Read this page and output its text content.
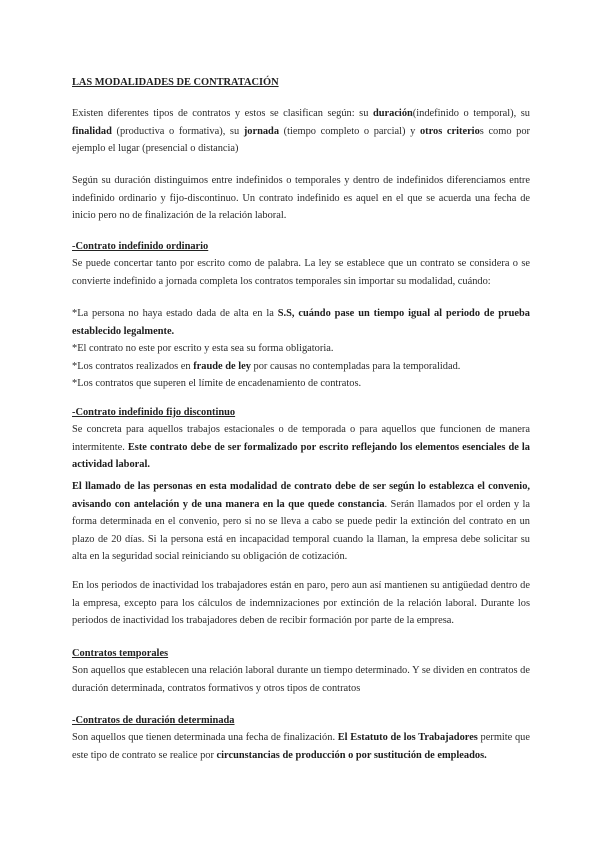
LAS MODALIDADES DE CONTRATACIÓN
Existen diferentes tipos de contratos y estos se clasifican según: su duración(indefinido o temporal), su finalidad (productiva o formativa), su jornada (tiempo completo o parcial) y otros criterios como por ejemplo el lugar (presencial o distancia)
Según su duración distinguimos entre indefinidos o temporales y dentro de indefinidos diferenciamos entre indefinido ordinario y fijo-discontinuo. Un contrato indefinido es aquel en el que se acuerda una fecha de inicio pero no de finalización de la relación laboral.
-Contrato indefinido ordinario
Se puede concertar tanto por escrito como de palabra. La ley se establece que un contrato se considera o se convierte indefinido a jornada completa los contratos temporales sin importar su modalidad, cuándo:
*La persona no haya estado dada de alta en la S.S, cuándo pase un tiempo igual al periodo de prueba establecido legalmente.
*El contrato no este por escrito y esta sea su forma obligatoria.
*Los contratos realizados en fraude de ley por causas no contempladas para la temporalidad.
*Los contratos que superen el límite de encadenamiento de contratos.
-Contrato indefinido fijo discontinuo
Se concreta para aquellos trabajos estacionales o de temporada o para aquellos que funcionen de manera intermitente. Este contrato debe de ser formalizado por escrito reflejando los elementos esenciales de la actividad laboral.
El llamado de las personas en esta modalidad de contrato debe de ser según lo establezca el convenio, avisando con antelación y de una manera en la que quede constancia. Serán llamados por el orden y la forma determinada en el convenio, pero si no se lleva a cabo se puede pedir la extinción del contrato en un plazo de 20 días. Si la persona está en incapacidad temporal cuando la llaman, la empresa debe solicitar su alta en la seguridad social reiniciando su obligación de cotización.
En los periodos de inactividad los trabajadores están en paro, pero aun así mantienen su antigüedad dentro de la empresa, excepto para los cálculos de indemnizaciones por extinción de la relación laboral. Durante los periodos de inactividad los trabajadores deben de recibir formación por parte de la empresa.
Contratos temporales
Son aquellos que establecen una relación laboral durante un tiempo determinado. Y se dividen en contratos de duración determinada, contratos formativos y otros tipos de contratos
-Contratos de duración determinada
Son aquellos que tienen determinada una fecha de finalización. El Estatuto de los Trabajadores permite que este tipo de contrato se realice por circunstancias de producción o por sustitución de empleados.
